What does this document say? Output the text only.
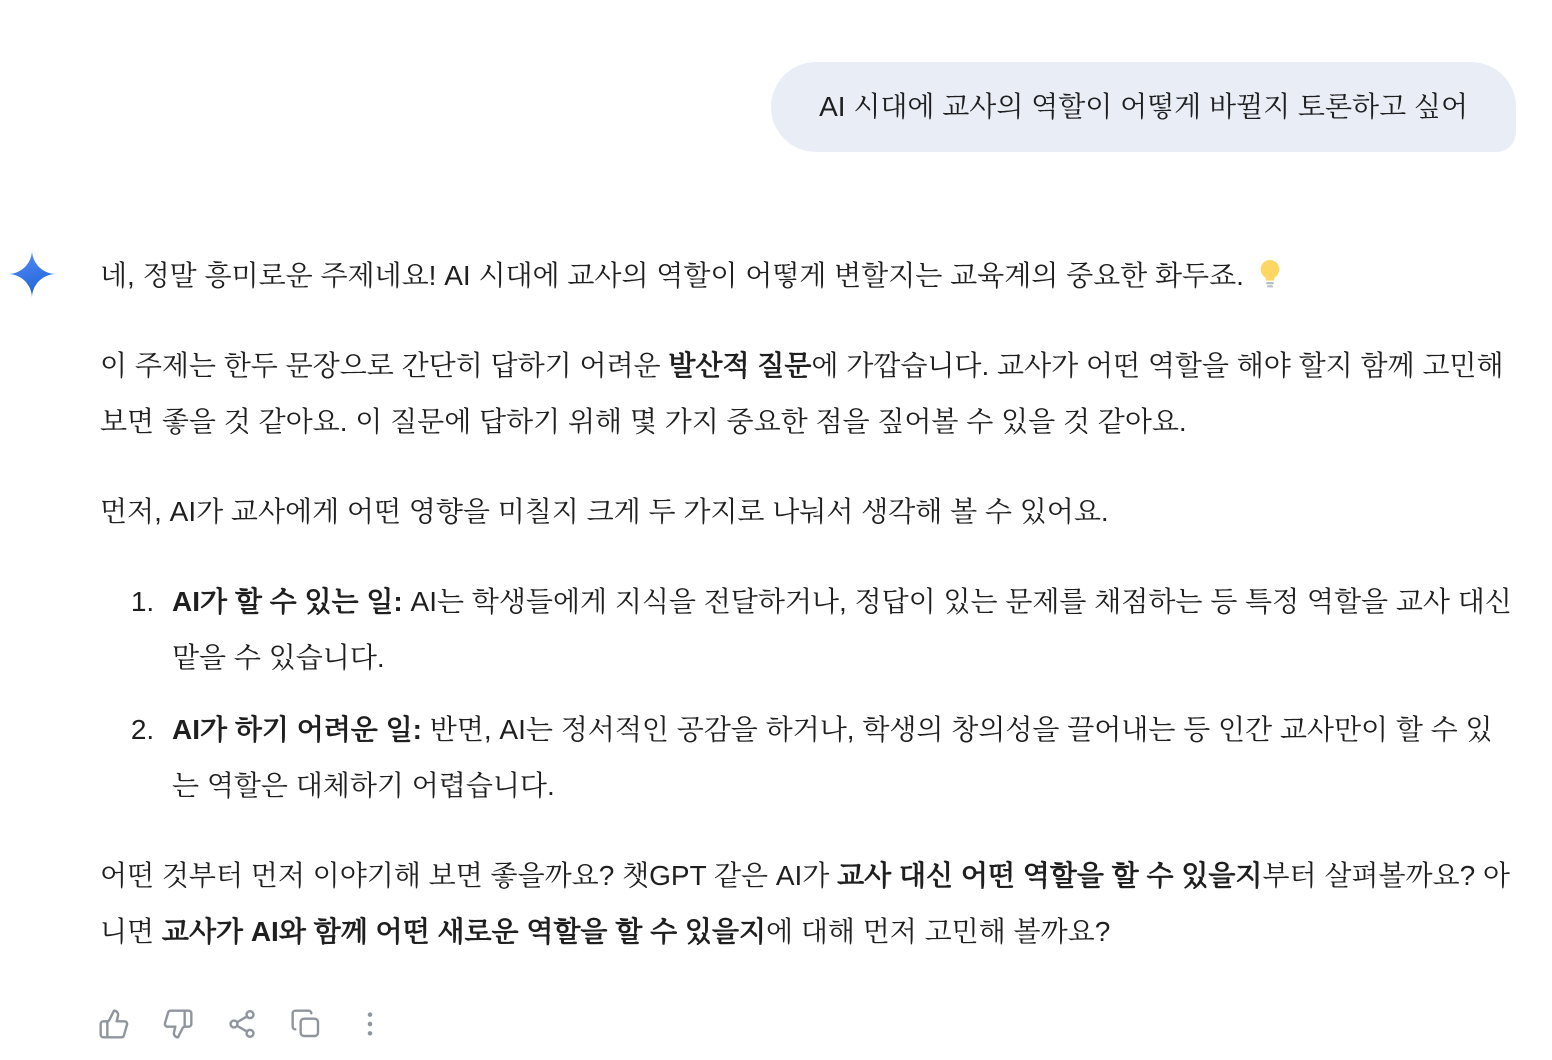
AI 시대에 교사의 역할이 어떻게 바뀔지 토론하고 싶어

네, 정말 흥미로운 주제네요! AI 시대에 교사의 역할이 어떻게 변할지는 교육계의 중요한 화두죠.

이 주제는 한두 문장으로 간단히 답하기 어려운 발산적 질문에 가깝습니다. 교사가 어떤 역할을 해야 할지 함께 고민해 보면 좋을 것 같아요. 이 질문에 답하기 위해 몇 가지 중요한 점을 짚어볼 수 있을 것 같아요.

먼저, AI가 교사에게 어떤 영향을 미칠지 크게 두 가지로 나눠서 생각해 볼 수 있어요.

1. AI가 할 수 있는 일: AI는 학생들에게 지식을 전달하거나, 정답이 있는 문제를 채점하는 등 특정 역할을 교사 대신 맡을 수 있습니다.
2. AI가 하기 어려운 일: 반면, AI는 정서적인 공감을 하거나, 학생의 창의성을 끌어내는 등 인간 교사만이 할 수 있는 역할은 대체하기 어렵습니다.

어떤 것부터 먼저 이야기해 보면 좋을까요? 챗GPT 같은 AI가 교사 대신 어떤 역할을 할 수 있을지부터 살펴볼까요? 아니면 교사가 AI와 함께 어떤 새로운 역할을 할 수 있을지에 대해 먼저 고민해 볼까요?
